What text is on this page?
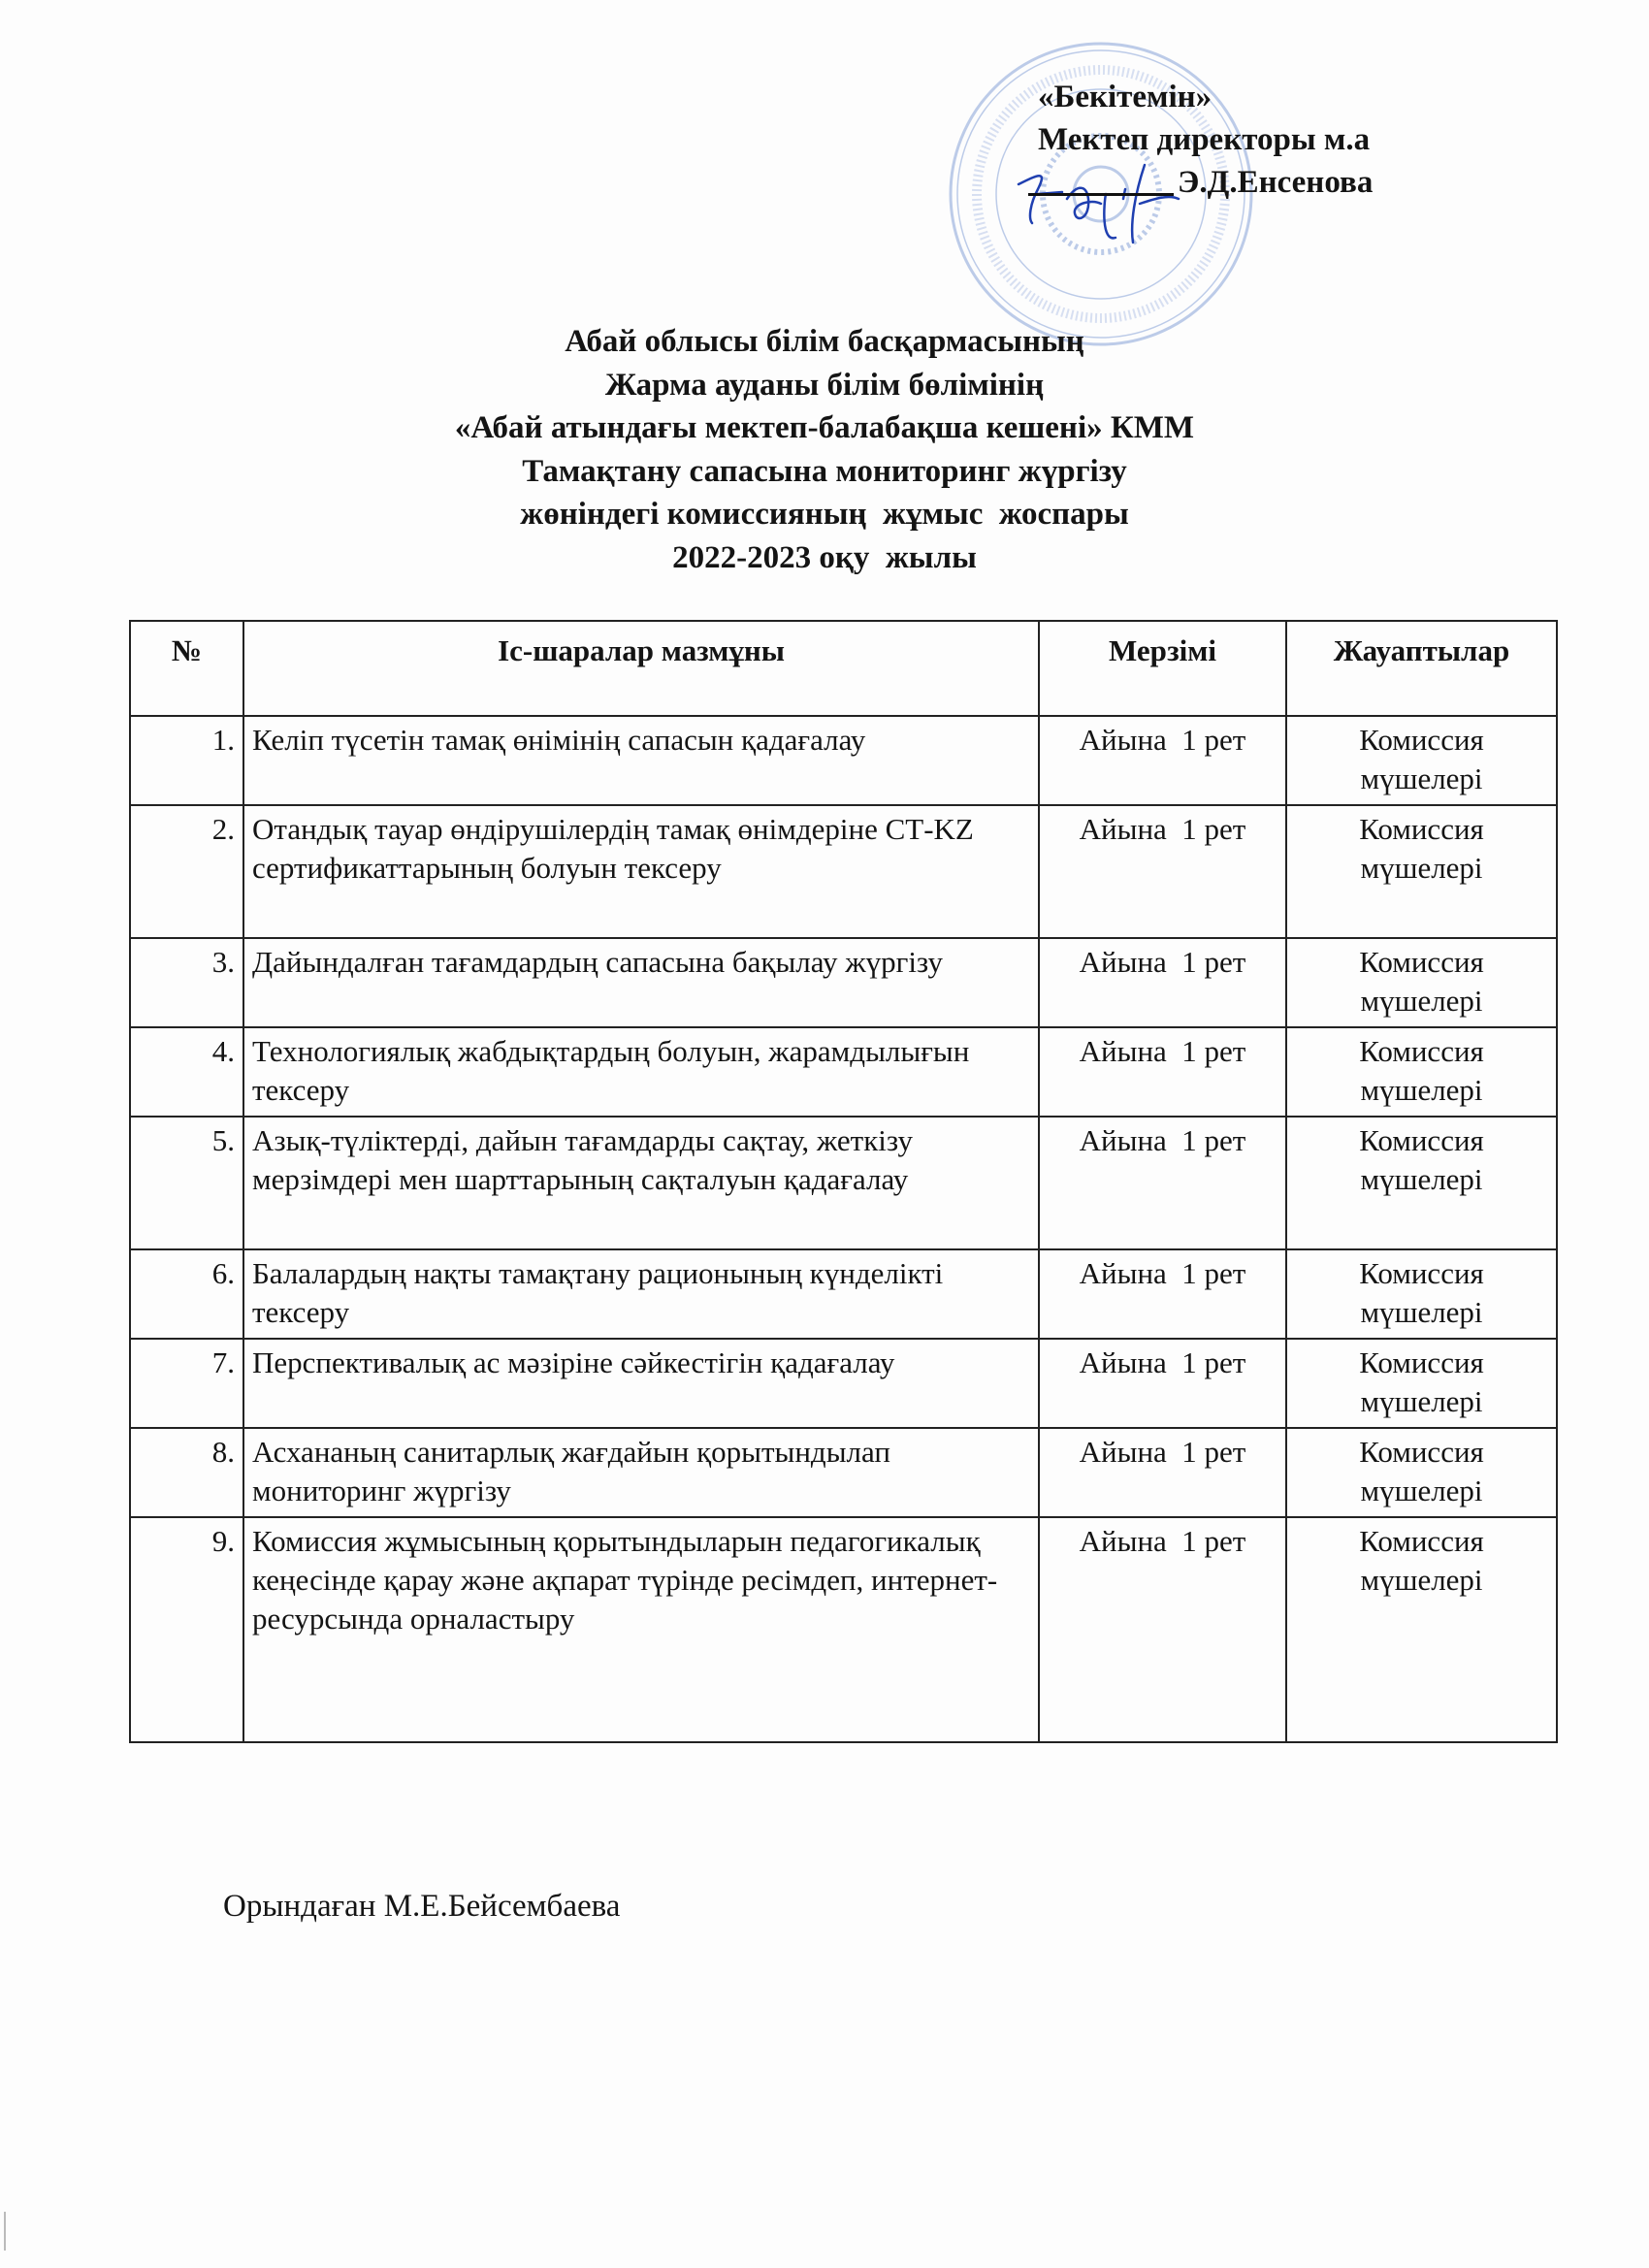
«Бекітемін»
Мектеп директоры м.а
Э.Д.Енсенова
Абай облысы білім басқармасының
Жарма ауданы білім бөлімінің
«Абай атындағы мектеп-балабақша кешені» КММ
Тамақтану сапасына мониторинг жүргізу
жөніндегі комиссияның  жұмыс  жоспары
2022-2023 оқу  жылы
№	Іс-шаралар мазмұны	Мерзімі	Жауаптылар
1.	Келіп түсетін тамақ өнімінің сапасын қадағалау	Айына  1 рет	Комиссия мүшелері
2.	Отандық тауар өндірушілердің тамақ өнімдеріне СТ-KZ сертификаттарының болуын тексеру	Айына  1 рет	Комиссия мүшелері
3.	Дайындалған тағамдардың сапасына бақылау жүргізу	Айына  1 рет	Комиссия мүшелері
4.	Технологиялық жабдықтардың болуын, жарамдылығын тексеру	Айына  1 рет	Комиссия мүшелері
5.	Азық-түліктерді, дайын тағамдарды сақтау, жеткізу мерзімдері мен шарттарының сақталуын қадағалау	Айына  1 рет	Комиссия мүшелері
6.	Балалардың нақты тамақтану рационының күнделікті тексеру	Айына  1 рет	Комиссия мүшелері
7.	Перспективалық ас мәзіріне сәйкестігін қадағалау	Айына  1 рет	Комиссия мүшелері
8.	Асхананың санитарлық жағдайын қорытындылап мониторинг жүргізу	Айына  1 рет	Комиссия мүшелері
9.	Комиссия жұмысының қорытындыларын педагогикалық кеңесінде қарау және ақпарат түрінде ресімдеп, интернет-ресурсында орналастыру	Айына  1 рет	Комиссия мүшелері
Орындаған М.Е.Бейсембаева
